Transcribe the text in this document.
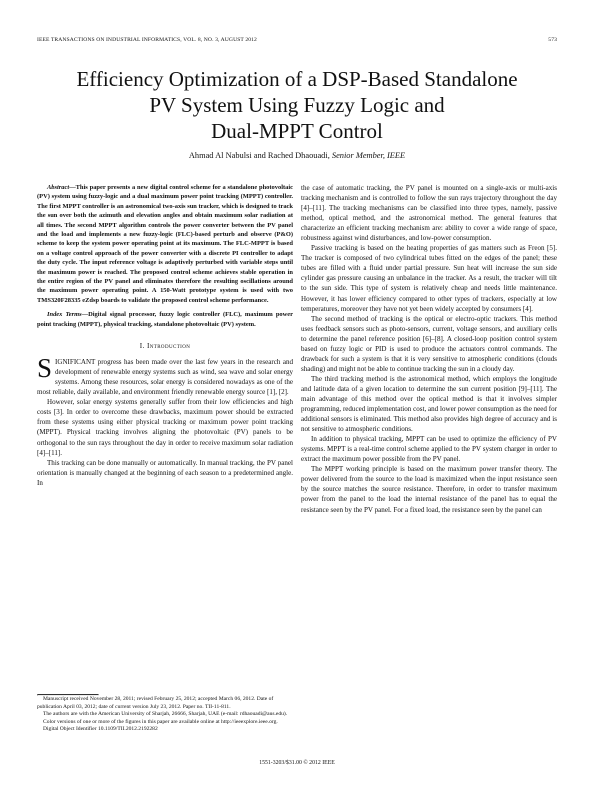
IEEE TRANSACTIONS ON INDUSTRIAL INFORMATICS, VOL. 8, NO. 3, AUGUST 2012	573
Efficiency Optimization of a DSP-Based Standalone
PV System Using Fuzzy Logic and
Dual-MPPT Control
Ahmad Al Nabulsi and Rached Dhaouadi, Senior Member, IEEE

Abstract—This paper presents a new digital control scheme for a standalone photovoltaic (PV) system using fuzzy-logic and a dual maximum power point tracking (MPPT) controller. The first MPPT controller is an astronomical two-axis sun tracker, which is designed to track the sun over both the azimuth and elevation angles and obtain maximum solar radiation at all times. The second MPPT algorithm controls the power converter between the PV panel and the load and implements a new fuzzy-logic (FLC)-based perturb and observe (P&O) scheme to keep the system power operating point at its maximum. The FLC-MPPT is based on a voltage control approach of the power converter with a discrete PI controller to adapt the duty cycle. The input reference voltage is adaptively perturbed with variable steps until the maximum power is reached. The proposed control scheme achieves stable operation in the entire region of the PV panel and eliminates therefore the resulting oscillations around the maximum power operating point. A 150-Watt prototype system is used with two TMS320F28335 eZdsp boards to validate the proposed control scheme performance.

Index Terms—Digital signal processor, fuzzy logic controller (FLC), maximum power point tracking (MPPT), physical tracking, standalone photovoltaic (PV) system.

I. Introduction

SIGNIFICANT progress has been made over the last few years in the research and development of renewable energy systems such as wind, sea wave and solar energy systems. Among these resources, solar energy is considered nowadays as one of the most reliable, daily available, and environment friendly renewable energy source [1], [2].

However, solar energy systems generally suffer from their low efficiencies and high costs [3]. In order to overcome these drawbacks, maximum power should be extracted from these systems using either physical tracking or maximum power point tracking (MPPT). Physical tracking involves aligning the photovoltaic (PV) panels to be orthogonal to the sun rays throughout the day in order to receive maximum solar radiation [4]–[11].

This tracking can be done manually or automatically. In manual tracking, the PV panel orientation is manually changed at the beginning of each season to a predetermined angle. In

Manuscript received November 28, 2011; revised February 25, 2012; accepted March 06, 2012. Date of publication April 03, 2012; date of current version July 23, 2012. Paper no. TII-11-811.

The authors are with the American University of Sharjah, 26666, Sharjah, UAE (e-mail: rdhaouadi@aus.edu).

Color versions of one or more of the figures in this paper are available online at http://ieeexplore.ieee.org.

Digital Object Identifier 10.1109/TII.2012.2192282

the case of automatic tracking, the PV panel is mounted on a single-axis or multi-axis tracking mechanism and is controlled to follow the sun rays trajectory throughout the day [4]–[11]. The tracking mechanisms can be classified into three types, namely, passive method, optical method, and the astronomical method. The general features that characterize an efficient tracking mechanism are: ability to cover a wide range of space, robustness against wind disturbances, and low-power consumption.

Passive tracking is based on the heating properties of gas matters such as Freon [5]. The tracker is composed of two cylindrical tubes fitted on the edges of the panel; these tubes are filled with a fluid under partial pressure. Sun heat will increase the sun side cylinder gas pressure causing an unbalance in the tracker. As a result, the tracker will tilt to the sun side. This type of system is relatively cheap and needs little maintenance. However, it has lower efficiency compared to other types of trackers, especially at low temperatures, moreover they have not yet been widely accepted by consumers [4].

The second method of tracking is the optical or electro-optic trackers. This method uses feedback sensors such as photo-sensors, current, voltage sensors, and auxiliary cells to determine the panel reference position [6]–[8]. A closed-loop position control system based on fuzzy logic or PID is used to produce the actuators control commands. The drawback for such a system is that it is very sensitive to atmospheric conditions (clouds shading) and might not be able to continue tracking the sun in a cloudy day.

The third tracking method is the astronomical method, which employs the longitude and latitude data of a given location to determine the sun current position [9]–[11]. The main advantage of this method over the optical method is that it involves simpler programming, reduced implementation cost, and lower power consumption as the need for additional sensors is eliminated. This method also provides high degree of accuracy and is not sensitive to atmospheric conditions.

In addition to physical tracking, MPPT can be used to optimize the efficiency of PV systems. MPPT is a real-time control scheme applied to the PV system charger in order to extract the maximum power possible from the PV panel.

The MPPT working principle is based on the maximum power transfer theory. The power delivered from the source to the load is maximized when the input resistance seen by the source matches the source resistance. Therefore, in order to transfer maximum power from the panel to the load the internal resistance of the panel has to equal the resistance seen by the PV panel. For a fixed load, the resistance seen by the panel can

1551-3203/$31.00 © 2012 IEEE
